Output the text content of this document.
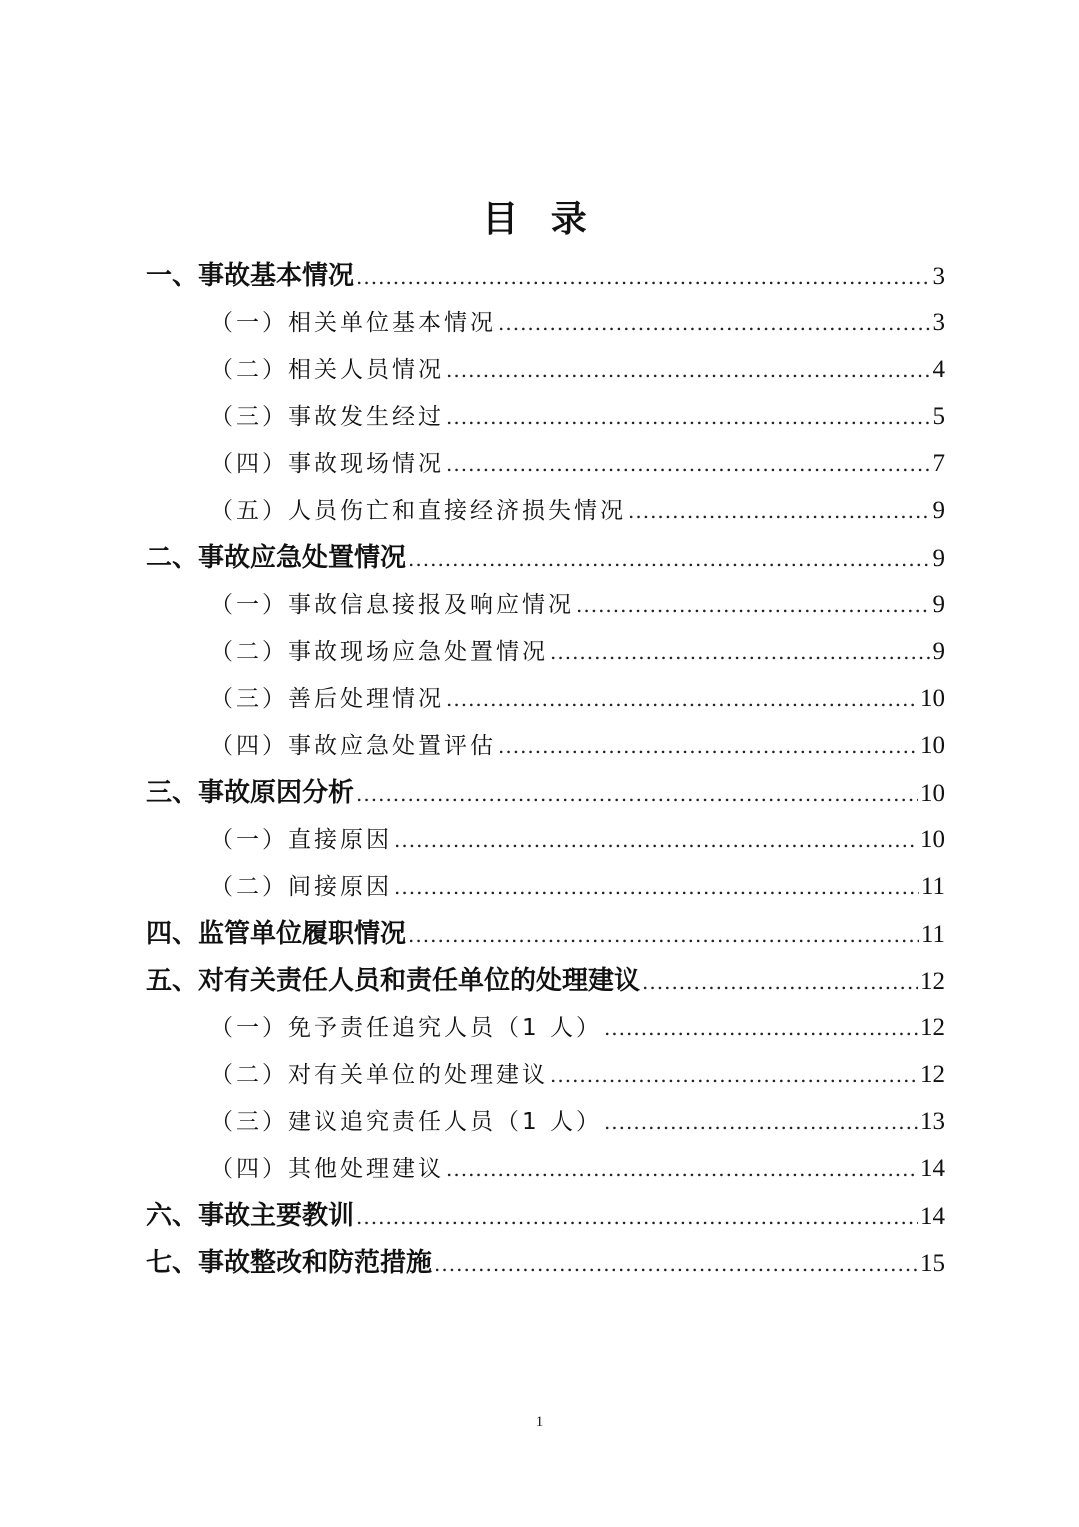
目 录
一、事故基本情况 .....	3
（一）相关单位基本情况 .....	3
（二）相关人员情况 .....	4
（三）事故发生经过 .....	5
（四）事故现场情况 .....	7
（五）人员伤亡和直接经济损失情况 .....	9
二、事故应急处置情况 .....	9
（一）事故信息接报及响应情况 .....	9
（二）事故现场应急处置情况 .....	9
（三）善后处理情况 .....	10
（四）事故应急处置评估 .....	10
三、事故原因分析 .....	10
（一）直接原因 .....	10
（二）间接原因 .....	11
四、监管单位履职情况 .....	11
五、对有关责任人员和责任单位的处理建议 .....	12
（一）免予责任追究人员（1 人） .....	12
（二）对有关单位的处理建议 .....	12
（三）建议追究责任人员（1 人） .....	13
（四）其他处理建议 .....	14
六、事故主要教训 .....	14
七、事故整改和防范措施 .....	15
1
